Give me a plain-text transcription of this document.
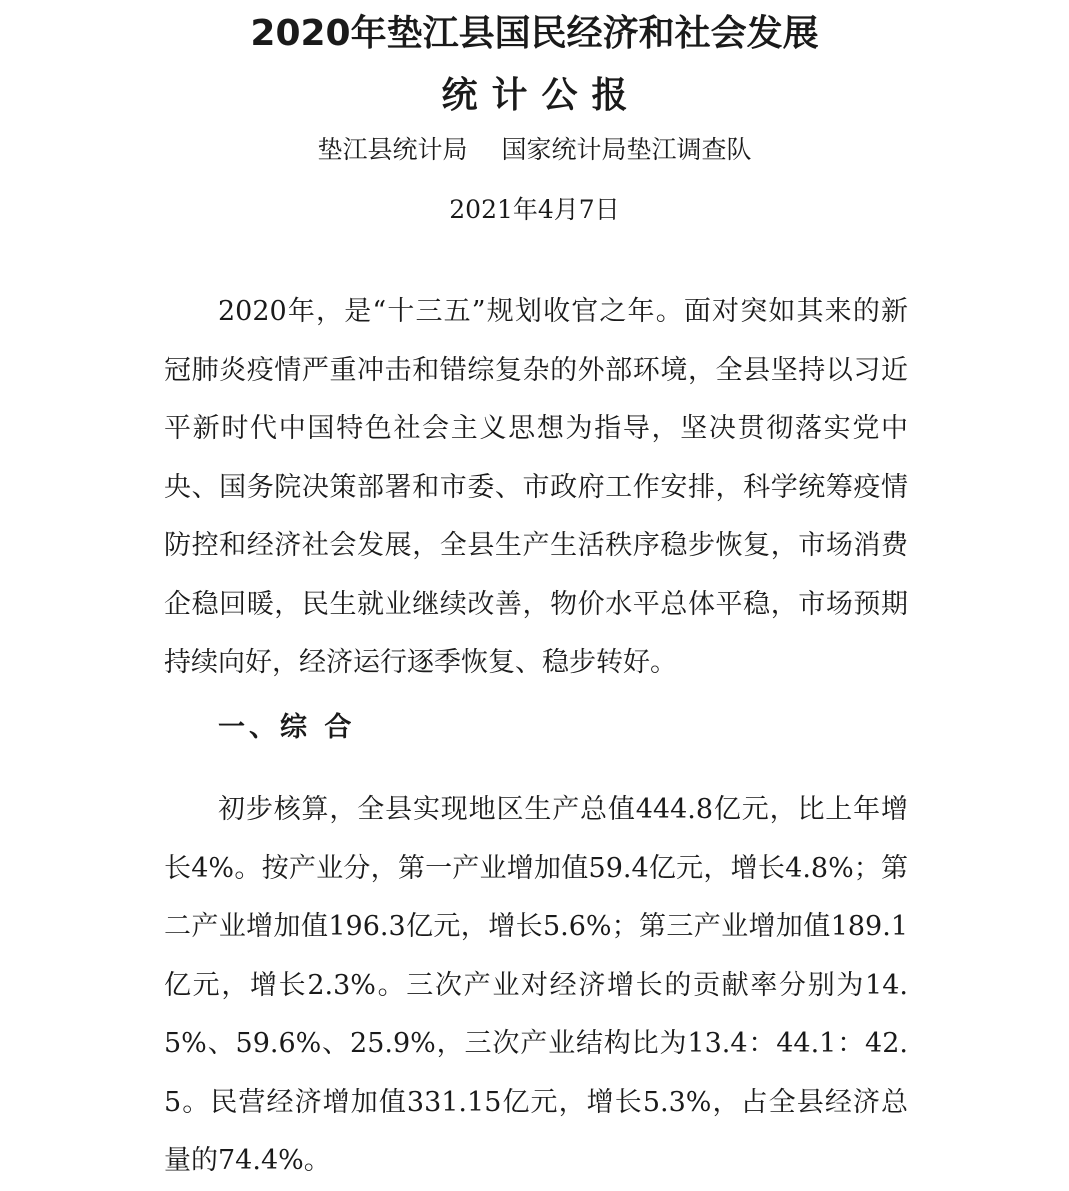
2020年垫江县国民经济和社会发展
统计公报
垫江县统计局 国家统计局垫江调查队
2021年4月7日

2020年，是“十三五”规划收官之年。面对突如其来的新冠肺炎疫情严重冲击和错综复杂的外部环境，全县坚持以习近平新时代中国特色社会主义思想为指导，坚决贯彻落实党中央、国务院决策部署和市委、市政府工作安排，科学统筹疫情防控和经济社会发展，全县生产生活秩序稳步恢复，市场消费企稳回暖，民生就业继续改善，物价水平总体平稳，市场预期持续向好，经济运行逐季恢复、稳步转好。

一、综 合

初步核算，全县实现地区生产总值444.8亿元，比上年增长4%。按产业分，第一产业增加值59.4亿元，增长4.8%；第二产业增加值196.3亿元，增长5.6%；第三产业增加值189.1亿元，增长2.3%。三次产业对经济增长的贡献率分别为14.5%、59.6%、25.9%，三次产业结构比为13.4：44.1：42.5。民营经济增加值331.15亿元，增长5.3%，占全县经济总量的74.4%。
